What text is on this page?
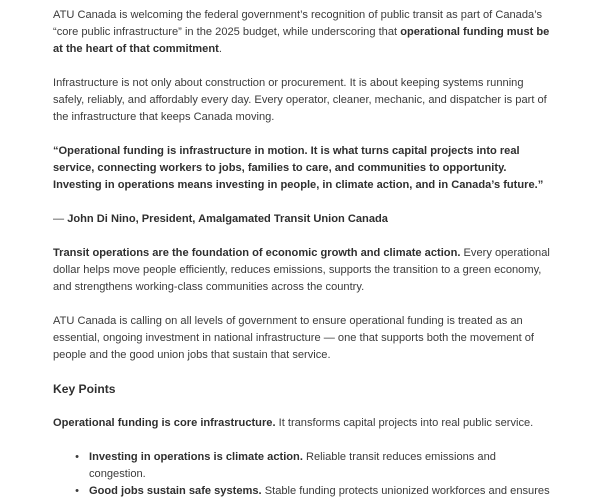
ATU Canada is welcoming the federal government’s recognition of public transit as part of Canada’s “core public infrastructure” in the 2025 budget, while underscoring that operational funding must be at the heart of that commitment.

Infrastructure is not only about construction or procurement. It is about keeping systems running safely, reliably, and affordably every day. Every operator, cleaner, mechanic, and dispatcher is part of the infrastructure that keeps Canada moving.

“Operational funding is infrastructure in motion. It is what turns capital projects into real service, connecting workers to jobs, families to care, and communities to opportunity. Investing in operations means investing in people, in climate action, and in Canada’s future.”

— John Di Nino, President, Amalgamated Transit Union Canada

Transit operations are the foundation of economic growth and climate action. Every operational dollar helps move people efficiently, reduces emissions, supports the transition to a green economy, and strengthens working-class communities across the country.

ATU Canada is calling on all levels of government to ensure operational funding is treated as an essential, ongoing investment in national infrastructure — one that supports both the movement of people and the good union jobs that sustain that service.

Key Points

Operational funding is core infrastructure. It transforms capital projects into real public service.

• Investing in operations is climate action. Reliable transit reduces emissions and congestion.
• Good jobs sustain safe systems. Stable funding protects unionized workforces and ensures
